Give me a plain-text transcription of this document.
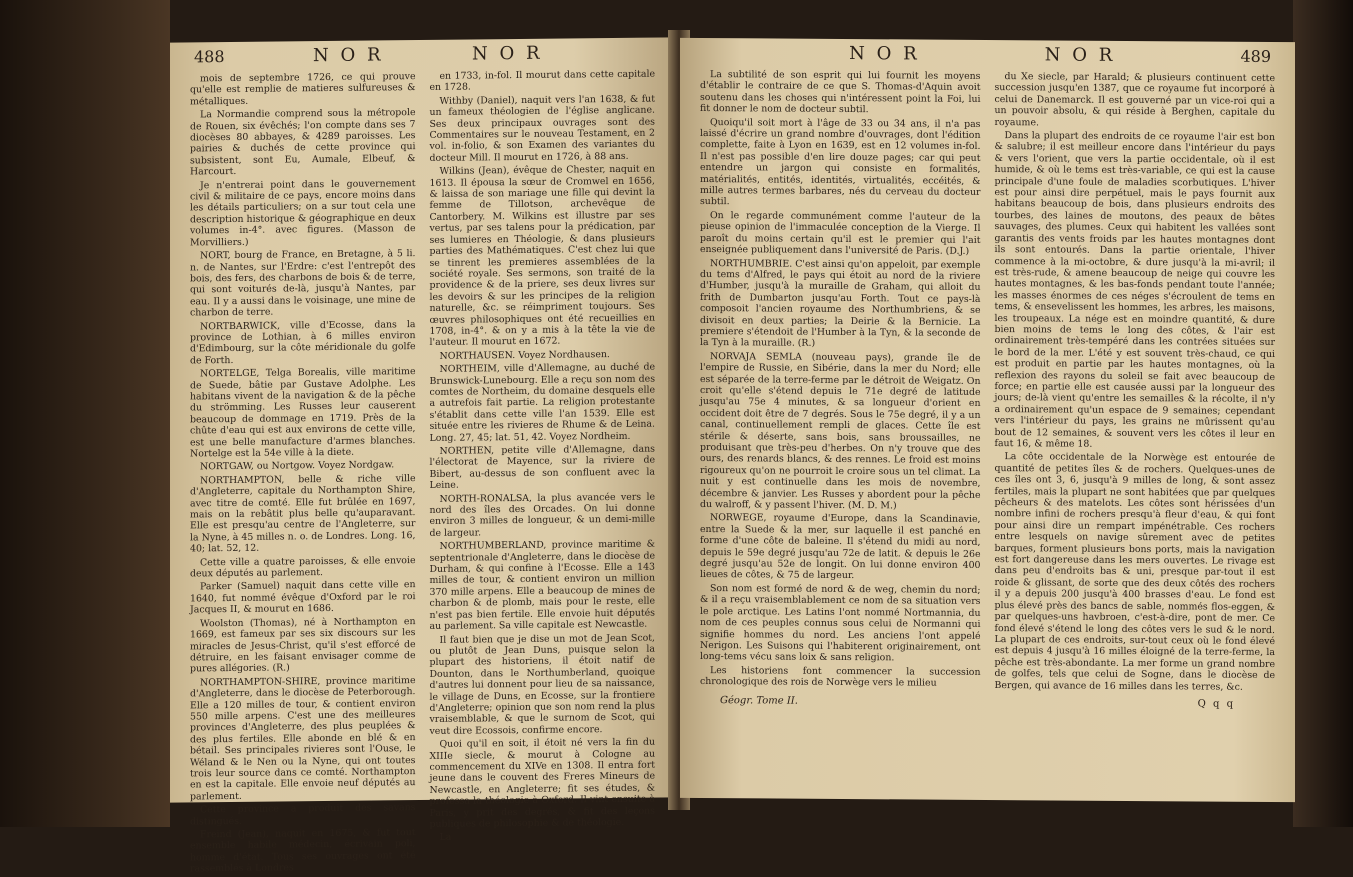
488	N O R	N O R

mois de septembre 1726, ce qui prouve qu'elle est remplie de matieres sulfureuses & métalliques.

La Normandie comprend sous la métropole de Rouen, six évêchés; l'on compte dans ses 7 diocèses 80 abbayes, & 4289 paroisses. Les pairies & duchés de cette province qui subsistent, sont Eu, Aumale, Elbeuf, & Harcourt.

Je n'entrerai point dans le gouvernement civil & militaire de ce pays, encore moins dans les détails particuliers; on a sur tout cela une description historique & géographique en deux volumes in-4°. avec figures. (Masson de Morvilliers.)

NORT, bourg de France, en Bretagne, à 5 li. n. de Nantes, sur l'Erdre: c'est l'entrepôt des bois, des fers, des charbons de bois & de terre, qui sont voiturés de-là, jusqu'à Nantes, par eau. Il y a aussi dans le voisinage, une mine de charbon de terre.

NORTBARWICK, ville d'Ecosse, dans la province de Lothian, à 6 milles environ d'Edimbourg, sur la côte méridionale du golfe de Forth.

NORTELGE, Telga Borealis, ville maritime de Suede, bâtie par Gustave Adolphe. Les habitans vivent de la navigation & de la pêche du strömming. Les Russes leur causerent beaucoup de dommage en 1719. Près de la chûte d'eau qui est aux environs de cette ville, est une belle manufacture d'armes blanches. Nortelge est la 54e ville à la diete.

NORTGAW, ou Nortgow. Voyez Nordgaw.

NORTHAMPTON, belle & riche ville d'Angleterre, capitale du Northampton Shire, avec titre de comté. Elle fut brûlée en 1697, mais on la rebâtit plus belle qu'auparavant. Elle est presqu'au centre de l'Angleterre, sur la Nyne, à 45 milles n. o. de Londres. Long. 16, 40; lat. 52, 12.

Cette ville a quatre paroisses, & elle envoie deux députés au parlement.

Parker (Samuel) naquit dans cette ville en 1640, fut nommé évêque d'Oxford par le roi Jacques II, & mourut en 1686.

Woolston (Thomas), né à Northampton en 1669, est fameux par ses six discours sur les miracles de Jesus-Christ, qu'il s'est efforcé de détruire, en les faisant envisager comme de pures allégories. (R.)

NORTHAMPTON-SHIRE, province maritime d'Angleterre, dans le diocèse de Peterborough. Elle a 120 milles de tour, & contient environ 550 mille arpens. C'est une des meilleures provinces d'Angleterre, des plus peuplées & des plus fertiles. Elle abonde en blé & en bétail. Ses principales rivieres sont l'Ouse, le Wéland & le Nen ou la Nyne, qui ont toutes trois leur source dans ce comté. Northampton en est la capitale. Elle envoie neuf députés au parlement.

Cette province a produit des savans distingués.

Freind (Jean), naquit en 1675, & fut tout ensemble habile médecin, écrivain poli, homme d'état. Tous ses ouvrages ont été rassemblés à Londres

en 1733, in-fol. Il mourut dans cette capitale en 1728.

Withby (Daniel), naquit vers l'an 1638, & fut un fameux théologien de l'église anglicane. Ses deux principaux ouvrages sont des Commentaires sur le nouveau Testament, en 2 vol. in-folio, & son Examen des variantes du docteur Mill. Il mourut en 1726, à 88 ans.

Wilkins (Jean), évêque de Chester, naquit en 1613. Il épousa la sœur de Cromwel en 1656, & laissa de son mariage une fille qui devint la femme de Tillotson, archevêque de Cantorbery. M. Wilkins est illustre par ses vertus, par ses talens pour la prédication, par ses lumieres en Théologie, & dans plusieurs parties des Mathématiques. C'est chez lui que se tinrent les premieres assemblées de la société royale. Ses sermons, son traité de la providence & de la priere, ses deux livres sur les devoirs & sur les principes de la religion naturelle, &c. se réimpriment toujours. Ses œuvres philosophiques ont été recueillies en 1708, in-4°. & on y a mis à la tête la vie de l'auteur. Il mourut en 1672.

NORTHAUSEN. Voyez Nordhausen.

NORTHEIM, ville d'Allemagne, au duché de Brunswick-Lunebourg. Elle a reçu son nom des comtes de Northeim, du domaine desquels elle a autrefois fait partie. La religion protestante s'établit dans cette ville l'an 1539. Elle est située entre les rivieres de Rhume & de Leina. Long. 27, 45; lat. 51, 42. Voyez Nordheim.

NORTHEN, petite ville d'Allemagne, dans l'électorat de Mayence, sur la riviere de Bibert, au-dessus de son confluent avec la Leine.

NORTH-RONALSA, la plus avancée vers le nord des îles des Orcades. On lui donne environ 3 milles de longueur, & un demi-mille de largeur.

NORTHUMBERLAND, province maritime & septentrionale d'Angleterre, dans le diocèse de Durham, & qui confine à l'Ecosse. Elle a 143 milles de tour, & contient environ un million 370 mille arpens. Elle a beaucoup de mines de charbon & de plomb, mais pour le reste, elle n'est pas bien fertile. Elle envoie huit députés au parlement. Sa ville capitale est Newcastle.

Il faut bien que je dise un mot de Jean Scot, ou plutôt de Jean Duns, puisque selon la plupart des historiens, il étoit natif de Dounton, dans le Northumberland, quoique d'autres lui donnent pour lieu de sa naissance, le village de Duns, en Ecosse, sur la frontiere d'Angleterre; opinion que son nom rend la plus vraisemblable, & que le surnom de Scot, qui veut dire Ecossois, confirme encore.

Quoi qu'il en soit, il étoit né vers la fin du XIIIe siecle, & mourut à Cologne au commencement du XIVe en 1308. Il entra fort jeune dans le couvent des Freres Mineurs de Newcastle, en Angleterre; fit ses études, & professa la théologie à Oxford. Il vint ensuite à Paris, y prit des degrés, & fit des leçons publiques de philosophie & de théologie.

La

N O R	N O R	489

La subtilité de son esprit qui lui fournit les moyens d'établir le contraire de ce que S. Thomas-d'Aquin avoit soutenu dans les choses qui n'intéressent point la Foi, lui fit donner le nom de docteur subtil.

Quoiqu'il soit mort à l'âge de 33 ou 34 ans, il n'a pas laissé d'écrire un grand nombre d'ouvrages, dont l'édition complette, faite à Lyon en 1639, est en 12 volumes in-fol. Il n'est pas possible d'en lire douze pages; car qui peut entendre un jargon qui consiste en formalités, matérialités, entités, identités, virtualités, eccéités, & mille autres termes barbares, nés du cerveau du docteur subtil.

On le regarde communément comme l'auteur de la pieuse opinion de l'immaculée conception de la Vierge. Il paroît du moins certain qu'il est le premier qui l'ait enseignée publiquement dans l'université de Paris. (D.J.)

NORTHUMBRIE. C'est ainsi qu'on appeloit, par exemple du tems d'Alfred, le pays qui étoit au nord de la riviere d'Humber, jusqu'à la muraille de Graham, qui alloit du frith de Dumbarton jusqu'au Forth. Tout ce pays-là composoit l'ancien royaume des Northumbriens, & se divisoit en deux parties; la Deirie & la Bernicie. La premiere s'étendoit de l'Humber à la Tyn, & la seconde de la Tyn à la muraille. (R.)

NORVAJA SEMLA (nouveau pays), grande île de l'empire de Russie, en Sibérie, dans la mer du Nord; elle est séparée de la terre-ferme par le détroit de Weigatz. On croit qu'elle s'étend depuis le 71e degré de latitude jusqu'au 75e 4 minutes, & sa longueur d'orient en occident doit être de 7 degrés. Sous le 75e degré, il y a un canal, continuellement rempli de glaces. Cette île est stérile & déserte, sans bois, sans broussailles, ne produisant que très-peu d'herbes. On n'y trouve que des ours, des renards blancs, & des rennes. Le froid est moins rigoureux qu'on ne pourroit le croire sous un tel climat. La nuit y est continuelle dans les mois de novembre, décembre & janvier. Les Russes y abordent pour la pêche du walroff, & y passent l'hiver. (M. D. M.)

NORWEGE, royaume d'Europe, dans la Scandinavie, entre la Suede & la mer, sur laquelle il est panché en forme d'une côte de baleine. Il s'étend du midi au nord, depuis le 59e degré jusqu'au 72e de latit. & depuis le 26e degré jusqu'au 52e de longit. On lui donne environ 400 lieues de côtes, & 75 de largeur.

Son nom est formé de nord & de weg, chemin du nord; & il a reçu vraisemblablement ce nom de sa situation vers le pole arctique. Les Latins l'ont nommé Nortmannia, du nom de ces peuples connus sous celui de Normanni qui signifie hommes du nord. Les anciens l'ont appelé Nerigon. Les Suisons qui l'habiterent originairement, ont long-tems vécu sans loix & sans religion.

Les historiens font commencer la succession chronologique des rois de Norwège vers le milieu

du Xe siecle, par Harald; & plusieurs continuent cette succession jusqu'en 1387, que ce royaume fut incorporé à celui de Danemarck. Il est gouverné par un vice-roi qui a un pouvoir absolu, & qui réside à Berghen, capitale du royaume.

Dans la plupart des endroits de ce royaume l'air est bon & salubre; il est meilleur encore dans l'intérieur du pays & vers l'orient, que vers la partie occidentale, où il est humide, & où le tems est très-variable, ce qui est la cause principale d'une foule de maladies scorbutiques. L'hiver est pour ainsi dire perpétuel, mais le pays fournit aux habitans beaucoup de bois, dans plusieurs endroits des tourbes, des laines de moutons, des peaux de bêtes sauvages, des plumes. Ceux qui habitent les vallées sont garantis des vents froids par les hautes montagnes dont ils sont entourés. Dans la partie orientale, l'hiver commence à la mi-octobre, & dure jusqu'à la mi-avril; il est très-rude, & amene beaucoup de neige qui couvre les hautes montagnes, & les bas-fonds pendant toute l'année; les masses énormes de ces néges s'écroulent de tems en tems, & ensevelissent les hommes, les arbres, les maisons, les troupeaux. La nége est en moindre quantité, & dure bien moins de tems le long des côtes, & l'air est ordinairement très-tempéré dans les contrées situées sur le bord de la mer. L'été y est souvent très-chaud, ce qui est produit en partie par les hautes montagnes, où la reflexion des rayons du soleil se fait avec beaucoup de force; en partie elle est causée aussi par la longueur des jours; de-là vient qu'entre les semailles & la récolte, il n'y a ordinairement qu'un espace de 9 semaines; cependant vers l'intérieur du pays, les grains ne mûrissent qu'au bout de 12 semaines, & souvent vers les côtes il leur en faut 16, & même 18.

La côte occidentale de la Norwège est entourée de quantité de petites îles & de rochers. Quelques-unes de ces îles ont 3, 6, jusqu'à 9 milles de long, & sont assez fertiles, mais la plupart ne sont habitées que par quelques pêcheurs & des matelots. Les côtes sont hérissées d'un nombre infini de rochers presqu'à fleur d'eau, & qui font pour ainsi dire un rempart impénétrable. Ces rochers entre lesquels on navige sûrement avec de petites barques, forment plusieurs bons ports, mais la navigation est fort dangereuse dans les mers ouvertes. Le rivage est dans peu d'endroits bas & uni, presque par-tout il est roide & glissant, de sorte que des deux côtés des rochers il y a depuis 200 jusqu'à 400 brasses d'eau. Le fond est plus élevé près des bancs de sable, nommés flos-eggen, & par quelques-uns havbroen, c'est-à-dire, pont de mer. Ce fond élevé s'étend le long des côtes vers le sud & le nord. La plupart de ces endroits, sur-tout ceux où le fond élevé est depuis 4 jusqu'à 16 milles éloigné de la terre-ferme, la pêche est très-abondante. La mer forme un grand nombre de golfes, tels que celui de Sogne, dans le diocèse de Bergen, qui avance de 16 milles dans les terres, &c.

Géogr. Tome II.	Q q q
